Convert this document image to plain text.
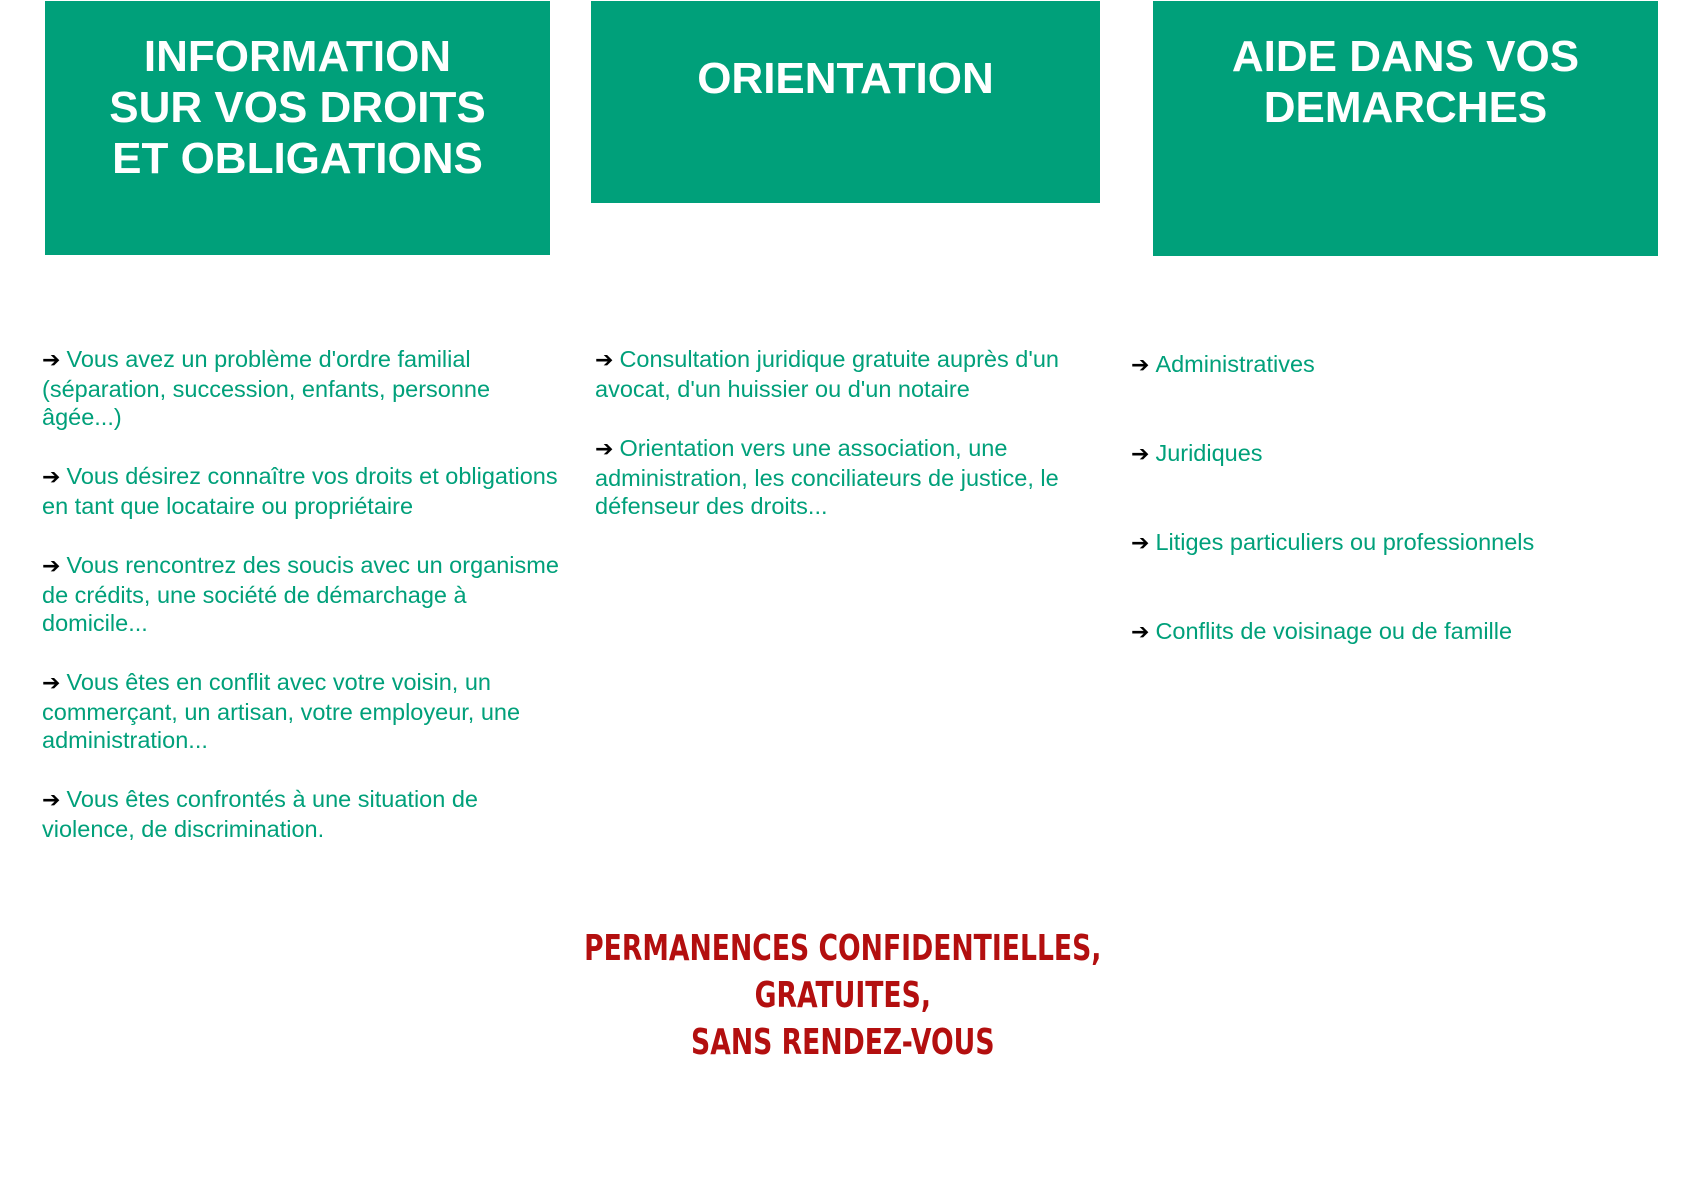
INFORMATION
SUR VOS DROITS
ET OBLIGATIONS
ORIENTATION	AIDE DANS VOS
DEMARCHES
➔ Vous avez un problème d'ordre familial (séparation, succession, enfants, personne âgée...)
➔ Vous désirez connaître vos droits et obligations en tant que locataire ou propriétaire
➔ Vous rencontrez des soucis avec un organisme de crédits, une société de démarchage à domicile...
➔ Vous êtes en conflit avec votre voisin, un commerçant, un artisan, votre employeur, une administration...
➔ Vous êtes confrontés à une situation de violence, de discrimination.
➔ Consultation juridique gratuite auprès d'un avocat, d'un huissier ou d'un notaire
➔ Orientation vers une association, une administration, les conciliateurs de justice, le défenseur des droits...
➔ Administratives
➔ Juridiques
➔ Litiges particuliers ou professionnels
➔ Conflits de voisinage ou de famille
PERMANENCES CONFIDENTIELLES,
GRATUITES,
SANS RENDEZ-VOUS
